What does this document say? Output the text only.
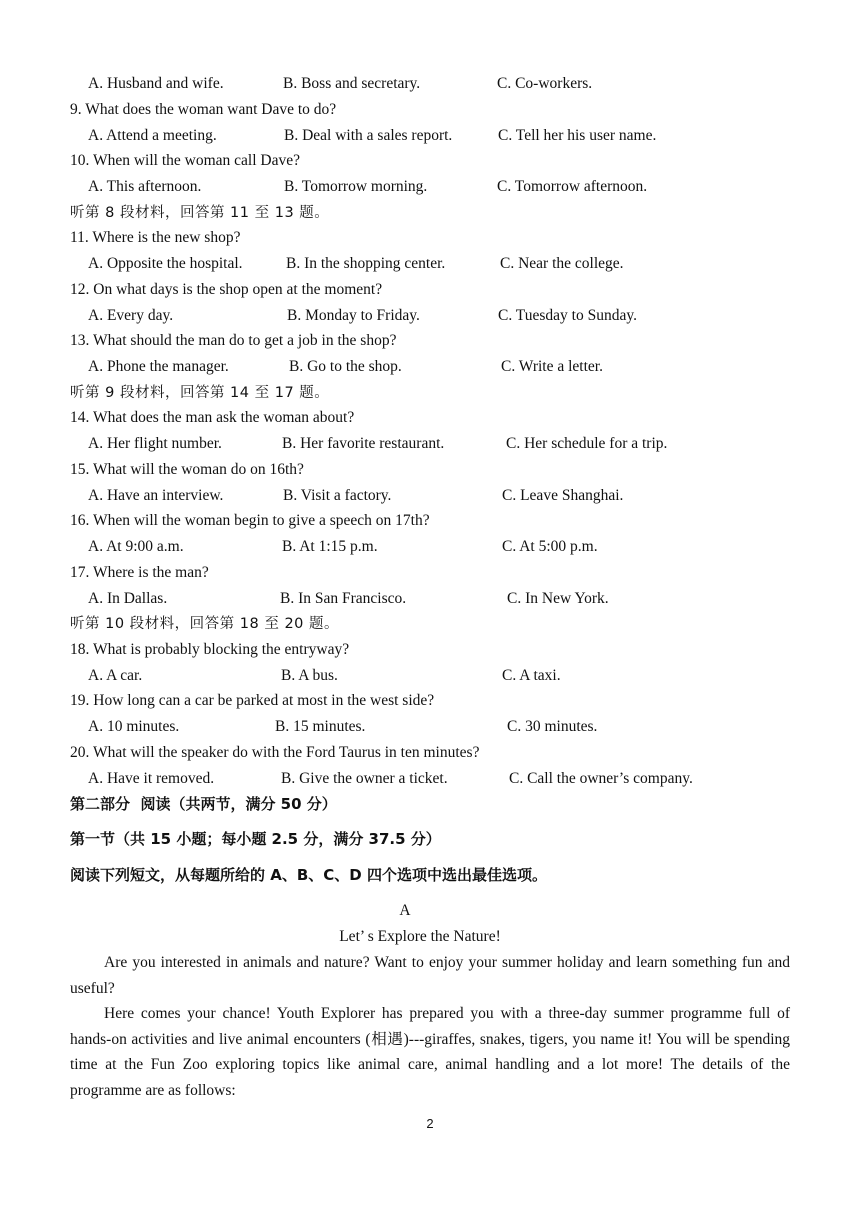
A. Husband and wife.	B. Boss and secretary.	C. Co-workers.
9. What does the woman want Dave to do?
A. Attend a meeting.	B. Deal with a sales report.	C. Tell her his user name.
10. When will the woman call Dave?
A. This afternoon.	B. Tomorrow morning.	C. Tomorrow afternoon.
听第 8 段材料，回答第 11 至 13 题。
11. Where is the new shop?
A. Opposite the hospital.	B. In the shopping center.	C. Near the college.
12. On what days is the shop open at the moment?
A. Every day.	B. Monday to Friday.	C. Tuesday to Sunday.
13. What should the man do to get a job in the shop?
A. Phone the manager.	B. Go to the shop.	C. Write a letter.
听第 9 段材料，回答第 14 至 17 题。
14. What does the man ask the woman about?
A. Her flight number.	B. Her favorite restaurant.	C. Her schedule for a trip.
15. What will the woman do on 16th?
A. Have an interview.	B. Visit a factory.	C. Leave Shanghai.
16. When will the woman begin to give a speech on 17th?
A. At 9:00 a.m.	B. At 1:15 p.m.	C. At 5:00 p.m.
17. Where is the man?
A. In Dallas.	B. In San Francisco.	C. In New York.
听第 10 段材料，回答第 18 至 20 题。
18. What is probably blocking the entryway?
A. A car.	B. A bus.	C. A taxi.
19. How long can a car be parked at most in the west side?
A. 10 minutes.	B. 15 minutes.	C. 30 minutes.
20. What will the speaker do with the Ford Taurus in ten minutes?
A. Have it removed.	B. Give the owner a ticket.	C. Call the owner’s company.
第二部分  阅读（共两节，满分 50 分）
第一节（共 15 小题；每小题 2.5 分，满分 37.5 分）
阅读下列短文，从每题所给的 A、B、C、D 四个选项中选出最佳选项。
A
Let’ s Explore the Nature!
Are you interested in animals and nature? Want to enjoy your summer holiday and learn something fun and useful?
Here comes your chance! Youth Explorer has prepared you with a three-day summer programme full of hands-on activities and live animal encounters (相遇)---giraffes, snakes, tigers, you name it! You will be spending time at the Fun Zoo exploring topics like animal care, animal handling and a lot more! The details of the programme are as follows:
2
